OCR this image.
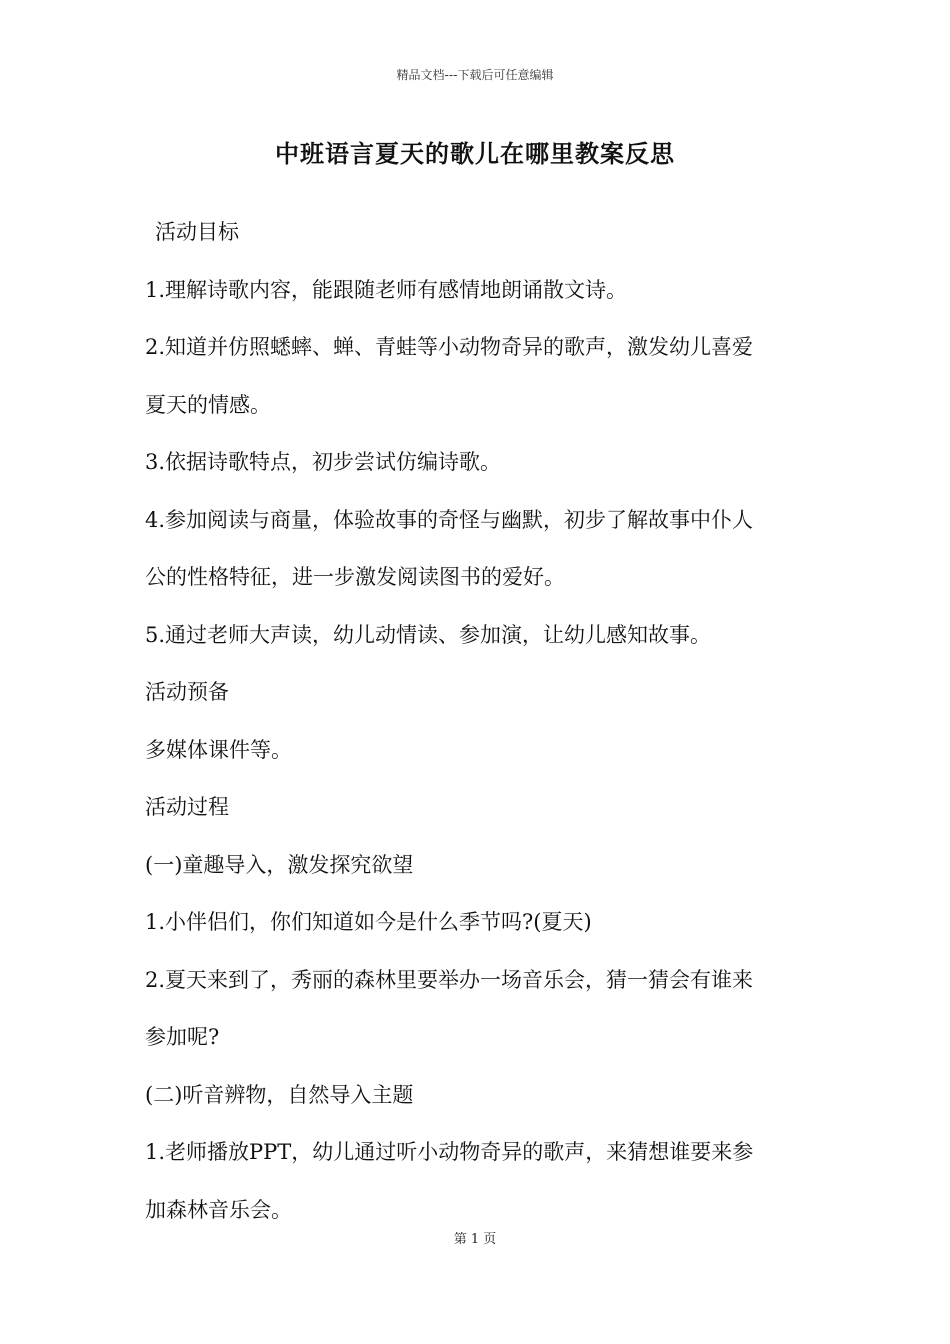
精品文档---下载后可任意编辑
中班语言夏天的歌儿在哪里教案反思
活动目标
1.理解诗歌内容，能跟随老师有感情地朗诵散文诗。
2.知道并仿照蟋蟀、蝉、青蛙等小动物奇异的歌声，激发幼儿喜爱
夏天的情感。
3.依据诗歌特点，初步尝试仿编诗歌。
4.参加阅读与商量，体验故事的奇怪与幽默，初步了解故事中仆人
公的性格特征，进一步激发阅读图书的爱好。
5.通过老师大声读，幼儿动情读、参加演，让幼儿感知故事。
活动预备
多媒体课件等。
活动过程
(一)童趣导入，激发探究欲望
1.小伴侣们，你们知道如今是什么季节吗?(夏天)
2.夏天来到了，秀丽的森林里要举办一场音乐会，猜一猜会有谁来
参加呢?
(二)听音辨物，自然导入主题
1.老师播放PPT，幼儿通过听小动物奇异的歌声，来猜想谁要来参
加森林音乐会。
第 1 页
